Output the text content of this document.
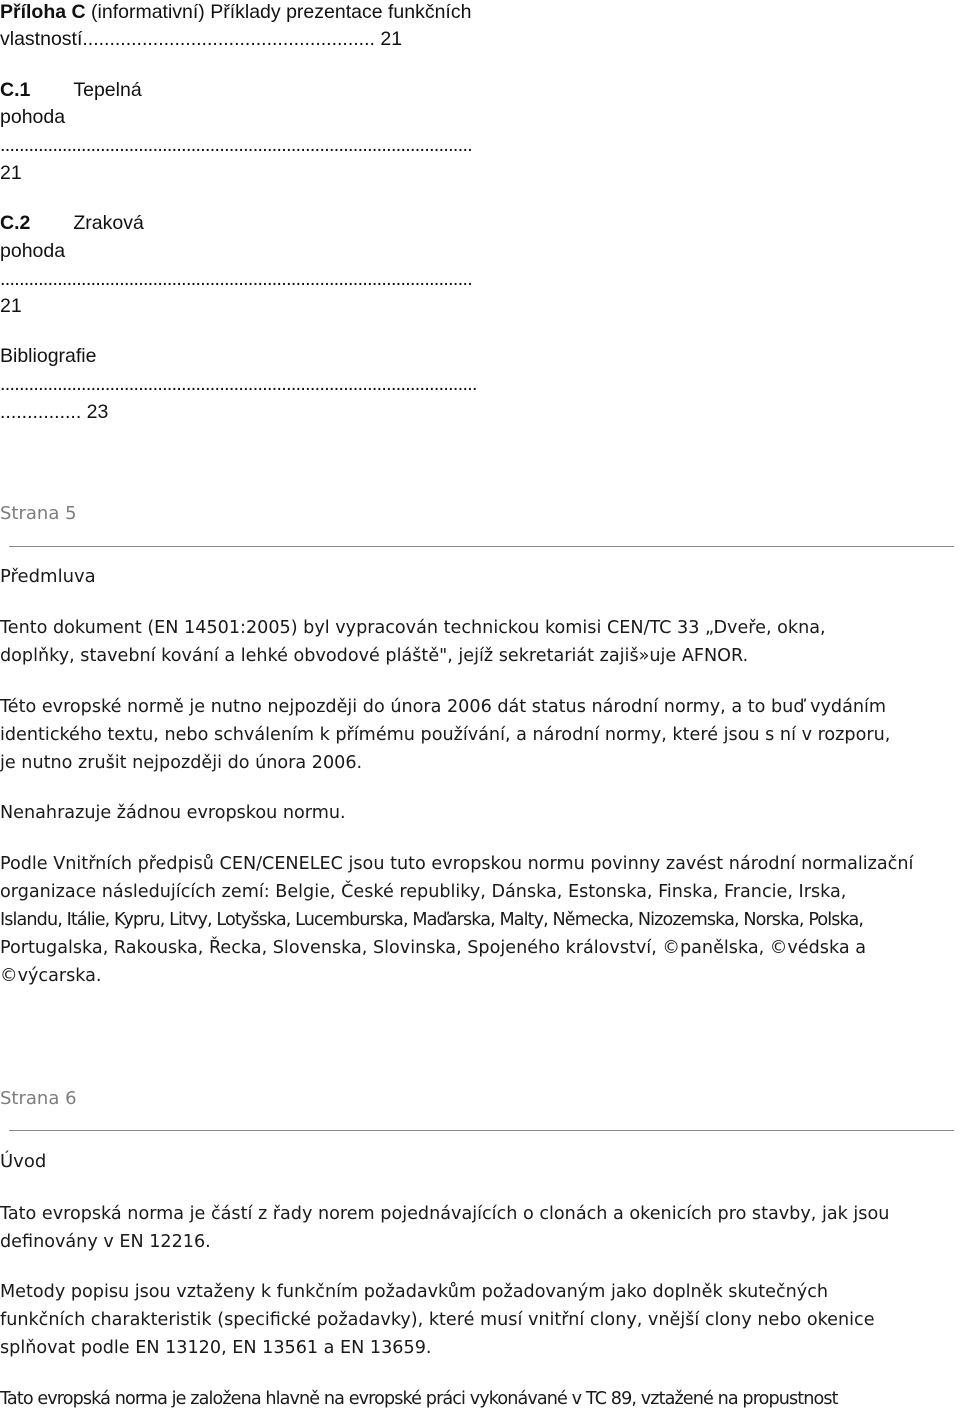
Příloha C (informativní) Příklady prezentace funkčních
vlastností...................................................... 21
C.1 Tepelná
pohoda
...................................................................................................
21
C.2 Zraková
pohoda
...................................................................................................
21
Bibliografie
....................................................................................................
............... 23
Strana 5
Předmluva
Tento dokument (EN 14501:2005) byl vypracován technickou komisi CEN/TC 33 „Dveře, okna,
doplňky, stavební kování a lehké obvodové pláště", jejíž sekretariát zajiš»uje AFNOR.
Této evropské normě je nutno nejpozději do února 2006 dát status národní normy, a to buď vydáním
identického textu, nebo schválením k přímému používání, a národní normy, které jsou s ní v rozporu,
je nutno zrušit nejpozději do února 2006.
Nenahrazuje žádnou evropskou normu.
Podle Vnitřních předpisů CEN/CENELEC jsou tuto evropskou normu povinny zavést národní normalizační
organizace následujících zemí: Belgie, České republiky, Dánska, Estonska, Finska, Francie, Irska,
Islandu, Itálie, Kypru, Litvy, Lotyšska, Lucemburska, Maďarska, Malty, Německa, Nizozemska, Norska, Polska,
Portugalska, Rakouska, Řecka, Slovenska, Slovinska, Spojeného království, ©panělska, ©védska a
©výcarska.
Strana 6
Úvod
Tato evropská norma je částí z řady norem pojednávajících o clonách a okenicích pro stavby, jak jsou
definovány v EN 12216.
Metody popisu jsou vztaženy k funkčním požadavkům požadovaným jako doplněk skutečných
funkčních charakteristik (specifické požadavky), které musí vnitřní clony, vnější clony nebo okenice
splňovat podle EN 13120, EN 13561 a EN 13659.
Tato evropská norma je založena hlavně na evropské práci vykonávané v TC 89, vztažené na propustnost
